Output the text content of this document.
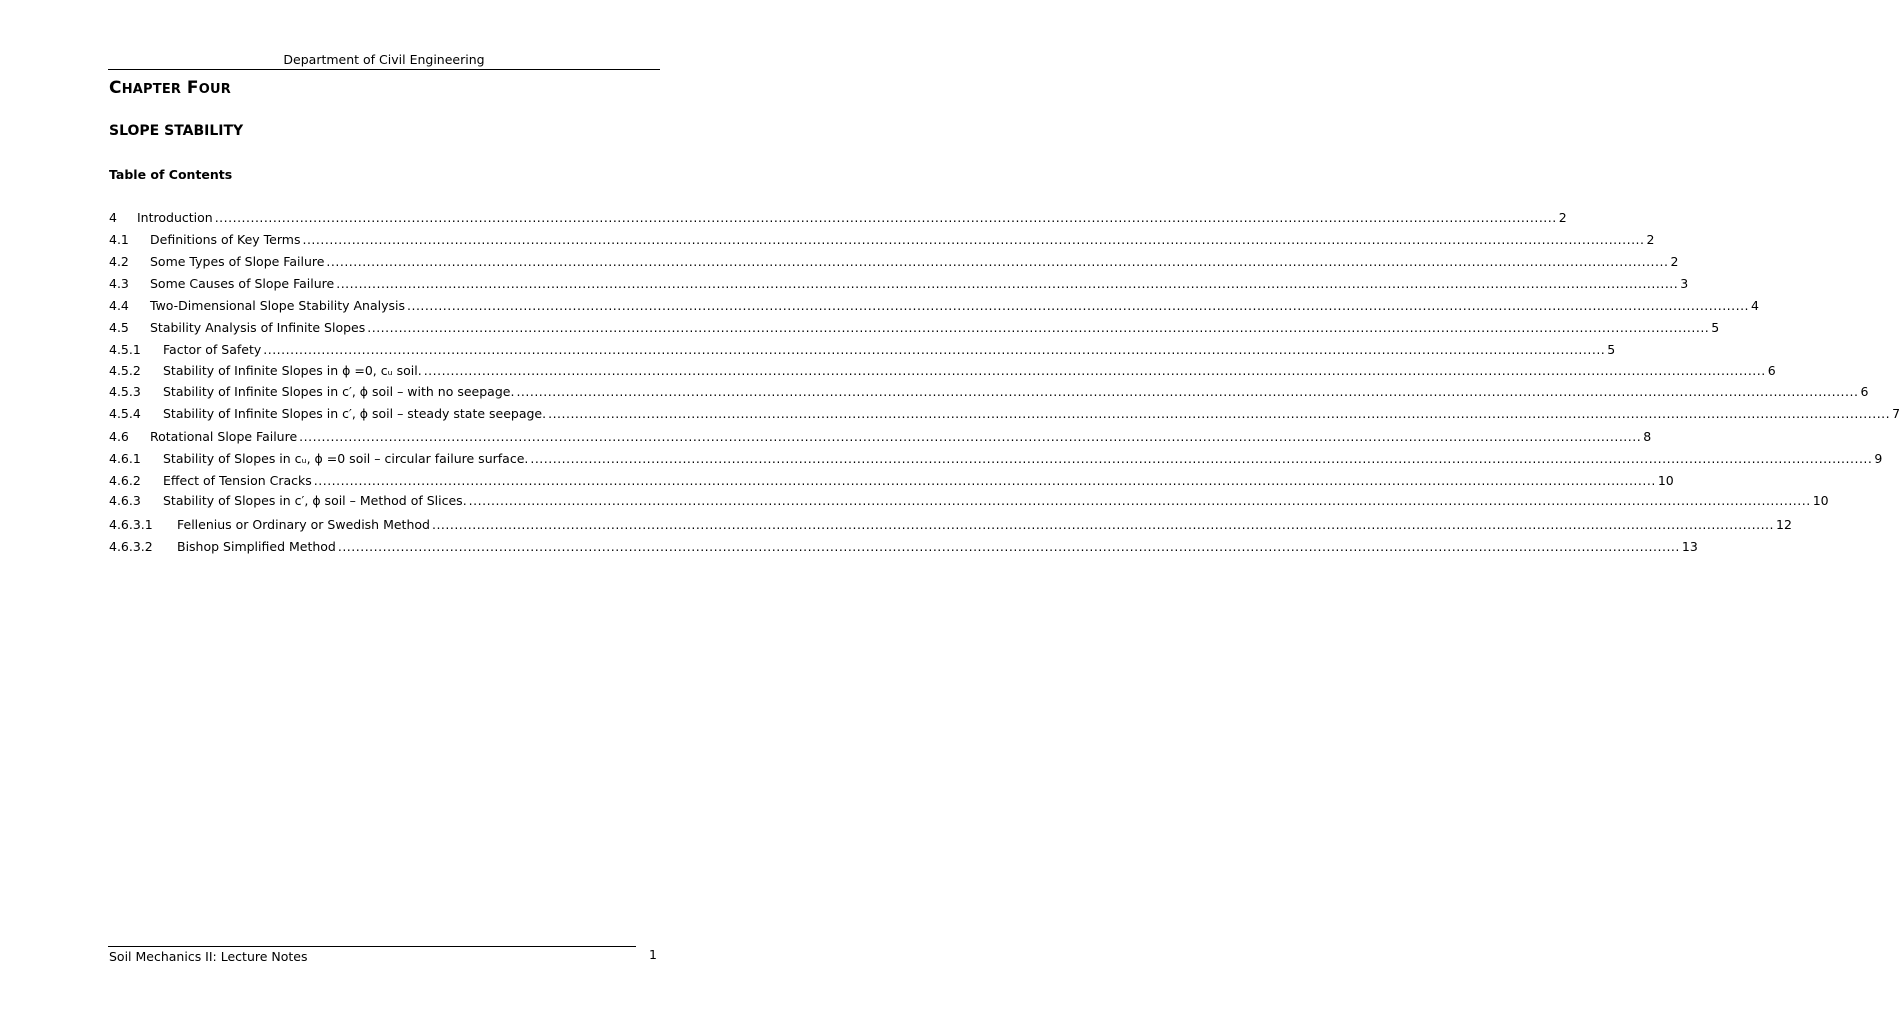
Department of Civil Engineering
CHAPTER FOUR
SLOPE STABILITY
Table of Contents
4	Introduction ............................................................................................................................................................................................................................................................................................................ 2
4.1	Definitions of Key Terms ............................................................................................................................................................................................................................................................................................................ 2
4.2	Some Types of Slope Failure ............................................................................................................................................................................................................................................................................................................ 2
4.3	Some Causes of Slope Failure ............................................................................................................................................................................................................................................................................................................ 3
4.4	Two-Dimensional Slope Stability Analysis ............................................................................................................................................................................................................................................................................................................ 4
4.5	Stability Analysis of Infinite Slopes ............................................................................................................................................................................................................................................................................................................ 5
4.5.1	Factor of Safety ............................................................................................................................................................................................................................................................................................................ 5
4.5.2	Stability of Infinite Slopes in ϕ =0, cᵤ soil. ............................................................................................................................................................................................................................................................................................................ 6
4.5.3	Stability of Infinite Slopes in c′, ϕ soil – with no seepage. ............................................................................................................................................................................................................................................................................................................ 6
4.5.4	Stability of Infinite Slopes in c′, ϕ soil – steady state seepage. ............................................................................................................................................................................................................................................................................................................ 7
4.6	Rotational Slope Failure ............................................................................................................................................................................................................................................................................................................ 8
4.6.1	Stability of Slopes in cᵤ, ϕ =0 soil – circular failure surface. ............................................................................................................................................................................................................................................................................................................ 9
4.6.2	Effect of Tension Cracks ............................................................................................................................................................................................................................................................................................................ 10
4.6.3	Stability of Slopes in c′, ϕ soil – Method of Slices. ............................................................................................................................................................................................................................................................................................................ 10
4.6.3.1	Fellenius or Ordinary or Swedish Method ............................................................................................................................................................................................................................................................................................................ 12
4.6.3.2	Bishop Simplified Method ............................................................................................................................................................................................................................................................................................................ 13
Soil Mechanics II: Lecture Notes	1
